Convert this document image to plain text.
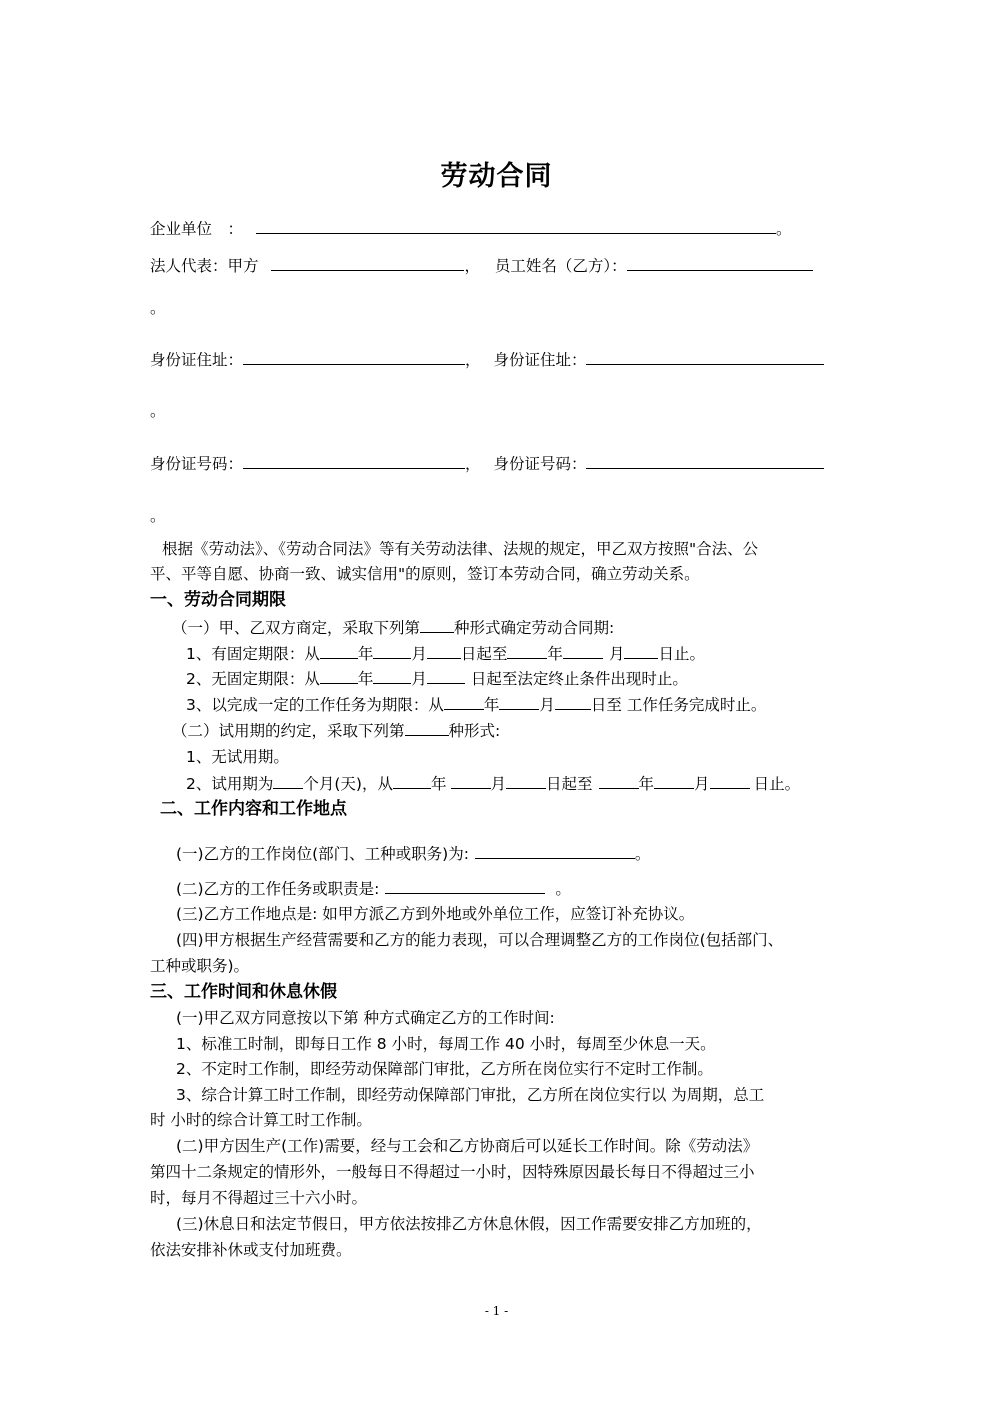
劳动合同
企业单位　：	。
法人代表：甲方	， 员工姓名（乙方）：
。
身份证住址：	， 身份证住址：
。
身份证号码：	， 身份证号码：
。
根据《劳动法》、《劳动合同法》等有关劳动法律、法规的规定，甲乙双方按照"合法、公
平、平等自愿、协商一致、诚实信用"的原则，签订本劳动合同，确立劳动关系。
一、劳动合同期限
（一）甲、乙双方商定，采取下列第 种形式确定劳动合同期:
1、有固定期限：从 年 月 日起至	年	月 日止。
2、无固定期限：从 年 月	日起至法定终止条件出现时止。
3、以完成一定的工作任务为期限：从	年	月 日至 工作任务完成时止。
（二）试用期的约定，采取下列第	种形式:
1、无试用期。
2、试用期为 个月(天)，从 年	月	日起至	年	月	日止。
二、工作内容和工作地点
(一)乙方的工作岗位(部门、工种或职务)为:	。
(二)乙方的工作任务或职责是:	。
(三)乙方工作地点是: 如甲方派乙方到外地或外单位工作，应签订补充协议。
(四)甲方根据生产经营需要和乙方的能力表现，可以合理调整乙方的工作岗位(包括部门、
工种或职务)。
三、工作时间和休息休假
(一)甲乙双方同意按以下第 种方式确定乙方的工作时间:
1、标准工时制，即每日工作 8 小时，每周工作 40 小时，每周至少休息一天。
2、不定时工作制，即经劳动保障部门审批，乙方所在岗位实行不定时工作制。
3、综合计算工时工作制，即经劳动保障部门审批，乙方所在岗位实行以 为周期，总工
时 小时的综合计算工时工作制。
(二)甲方因生产(工作)需要，经与工会和乙方协商后可以延长工作时间。除《劳动法》
第四十二条规定的情形外，一般每日不得超过一小时，因特殊原因最长每日不得超过三小
时，每月不得超过三十六小时。
(三)休息日和法定节假日，甲方依法按排乙方休息休假，因工作需要安排乙方加班的，
依法安排补休或支付加班费。
- 1 -
